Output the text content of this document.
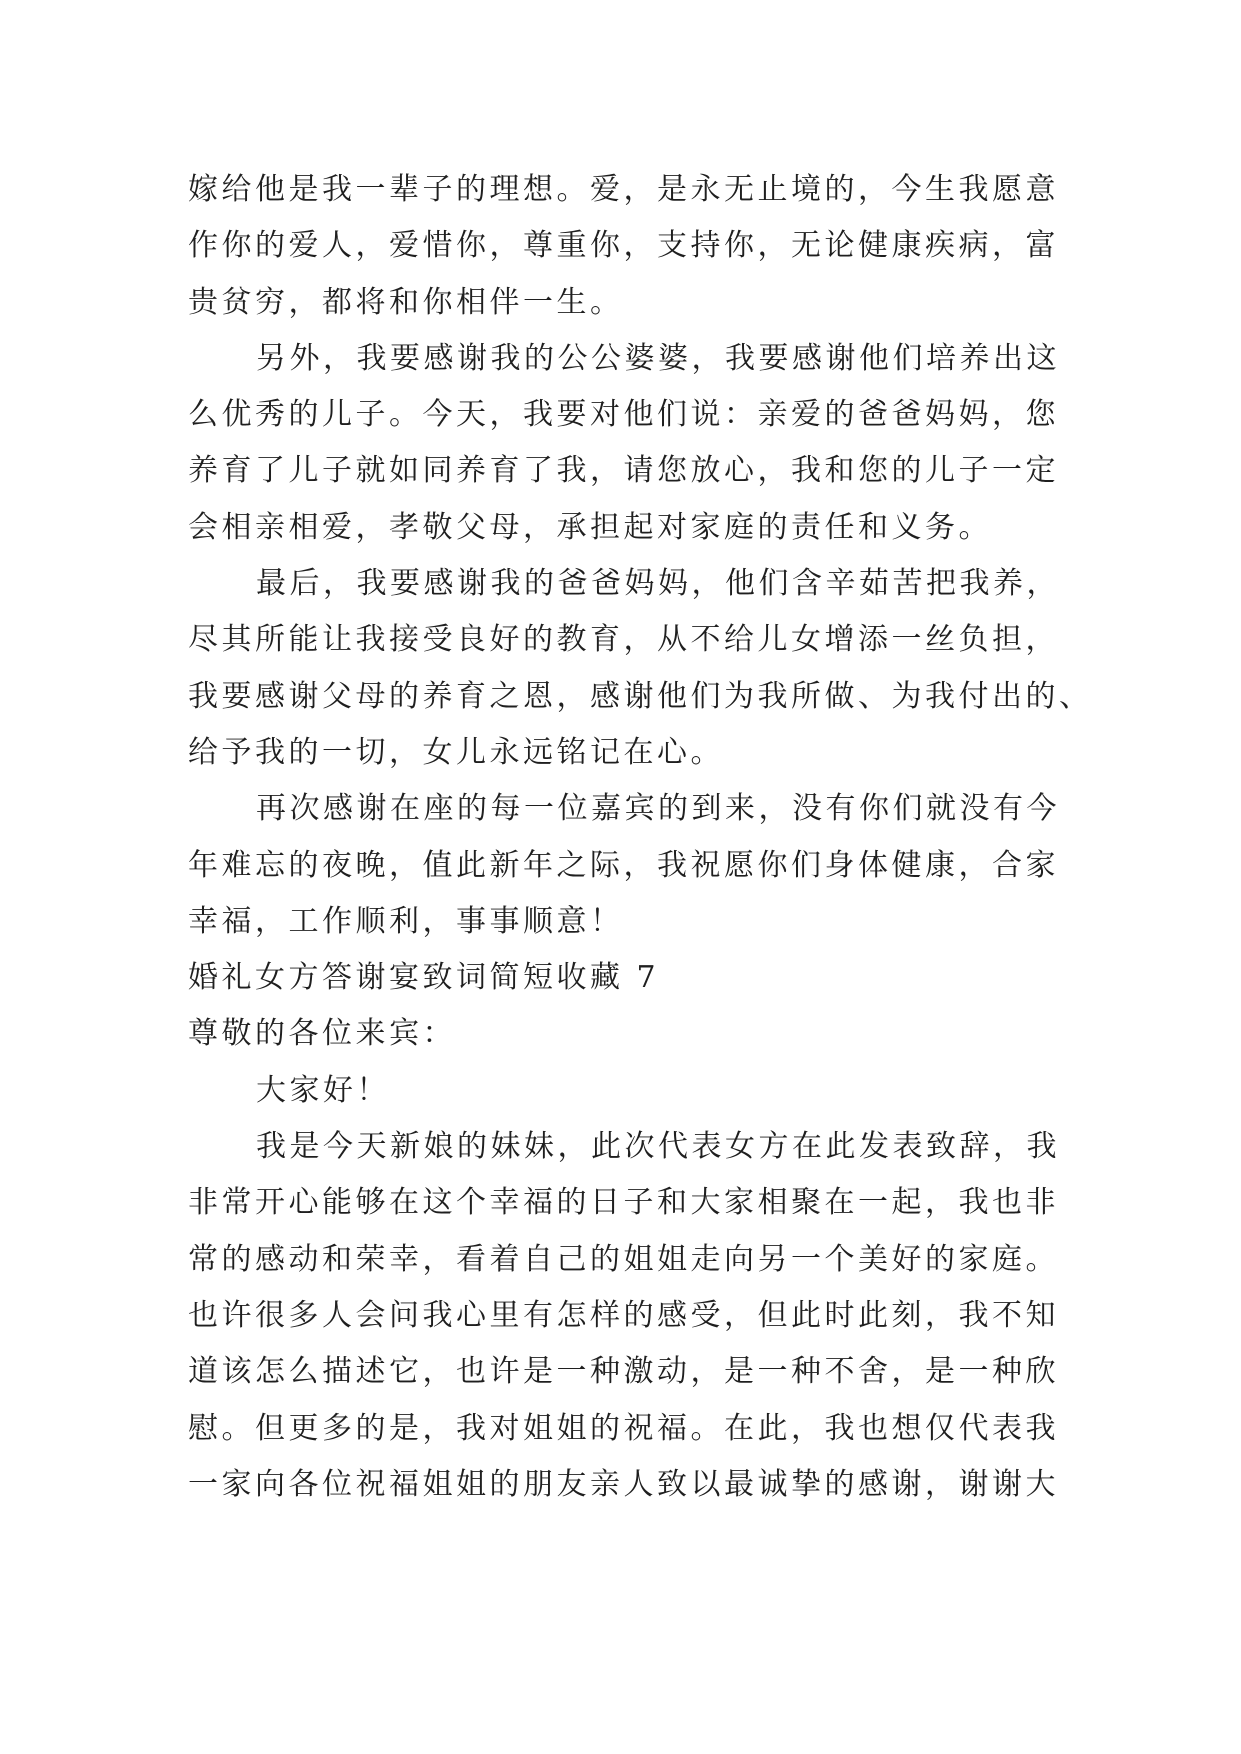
嫁给他是我一辈子的理想。爱，是永无止境的，今生我愿意
作你的爱人，爱惜你，尊重你，支持你，无论健康疾病，富
贵贫穷，都将和你相伴一生。
另外，我要感谢我的公公婆婆，我要感谢他们培养出这
么优秀的儿子。今天，我要对他们说：亲爱的爸爸妈妈，您
养育了儿子就如同养育了我，请您放心，我和您的儿子一定
会相亲相爱，孝敬父母，承担起对家庭的责任和义务。
最后，我要感谢我的爸爸妈妈，他们含辛茹苦把我养，
尽其所能让我接受良好的教育，从不给儿女增添一丝负担，
我要感谢父母的养育之恩，感谢他们为我所做、为我付出的、
给予我的一切，女儿永远铭记在心。
再次感谢在座的每一位嘉宾的到来，没有你们就没有今
年难忘的夜晚，值此新年之际，我祝愿你们身体健康，合家
幸福，工作顺利，事事顺意！
婚礼女方答谢宴致词简短收藏 7
尊敬的各位来宾：
大家好！
我是今天新娘的妹妹，此次代表女方在此发表致辞，我
非常开心能够在这个幸福的日子和大家相聚在一起，我也非
常的感动和荣幸，看着自己的姐姐走向另一个美好的家庭。
也许很多人会问我心里有怎样的感受，但此时此刻，我不知
道该怎么描述它，也许是一种激动，是一种不舍，是一种欣
慰。但更多的是，我对姐姐的祝福。在此，我也想仅代表我
一家向各位祝福姐姐的朋友亲人致以最诚挚的感谢，谢谢大
